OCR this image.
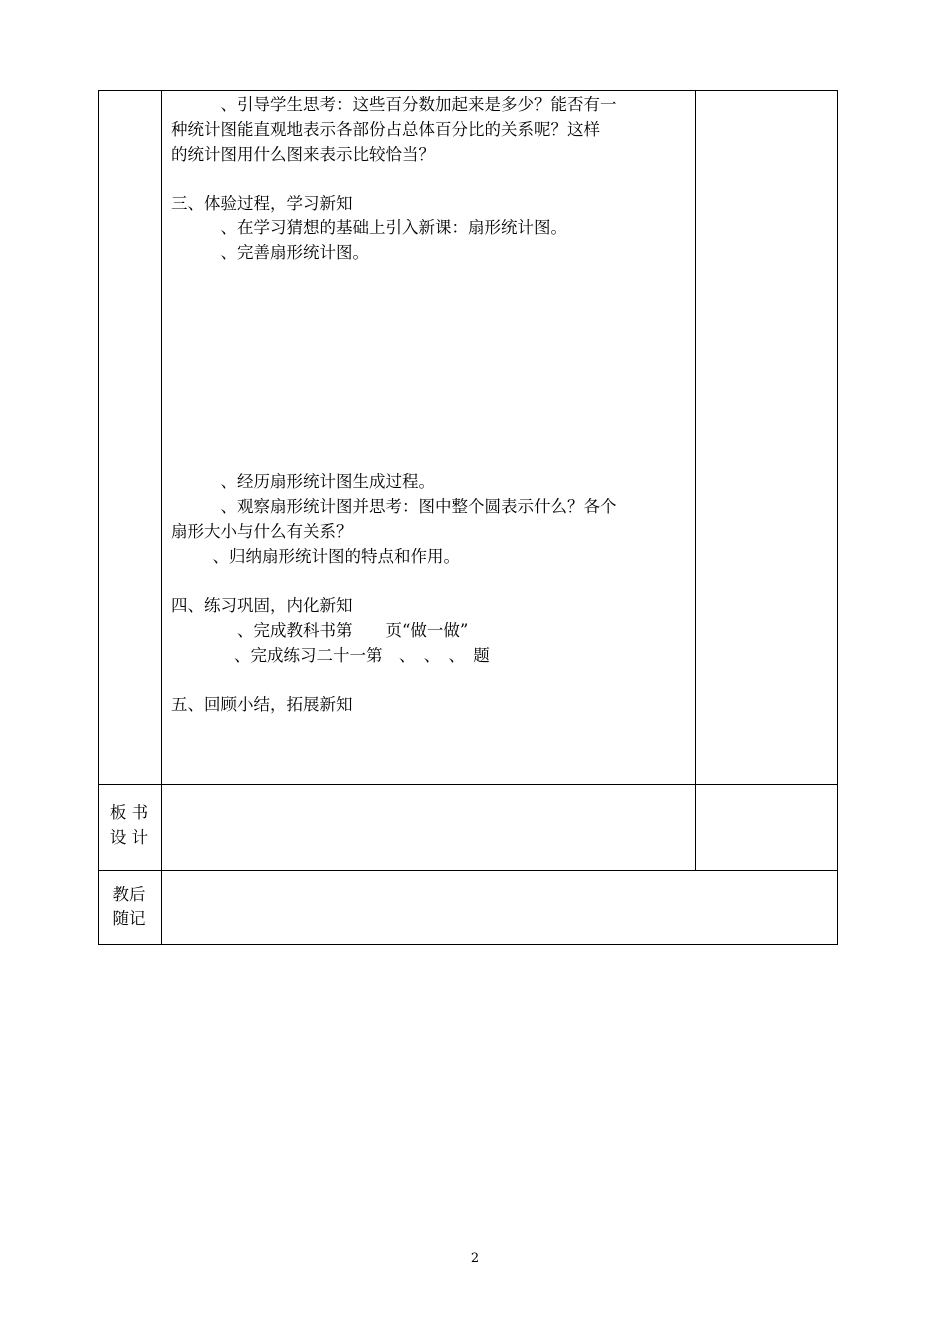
　　　、引导学生思考：这些百分数加起来是多少？能否有一
种统计图能直观地表示各部份占总体百分比的关系呢？这样
的统计图用什么图来表示比较恰当？
三、体验过程，学习新知
　　　、在学习猜想的基础上引入新课：扇形统计图。
　　　、完善扇形统计图。
　　　、经历扇形统计图生成过程。
　　　、观察扇形统计图并思考：图中整个圆表示什么？各个
扇形大小与什么有关系？
　　　、归纳扇形统计图的特点和作用。
四、练习巩固，内化新知
　　　　、完成教科书第　　页“做一做”
　　　　、完成练习二十一第　、　、　、　题
五、回顾小结，拓展新知
板 书
设 计
教后
随记
2
